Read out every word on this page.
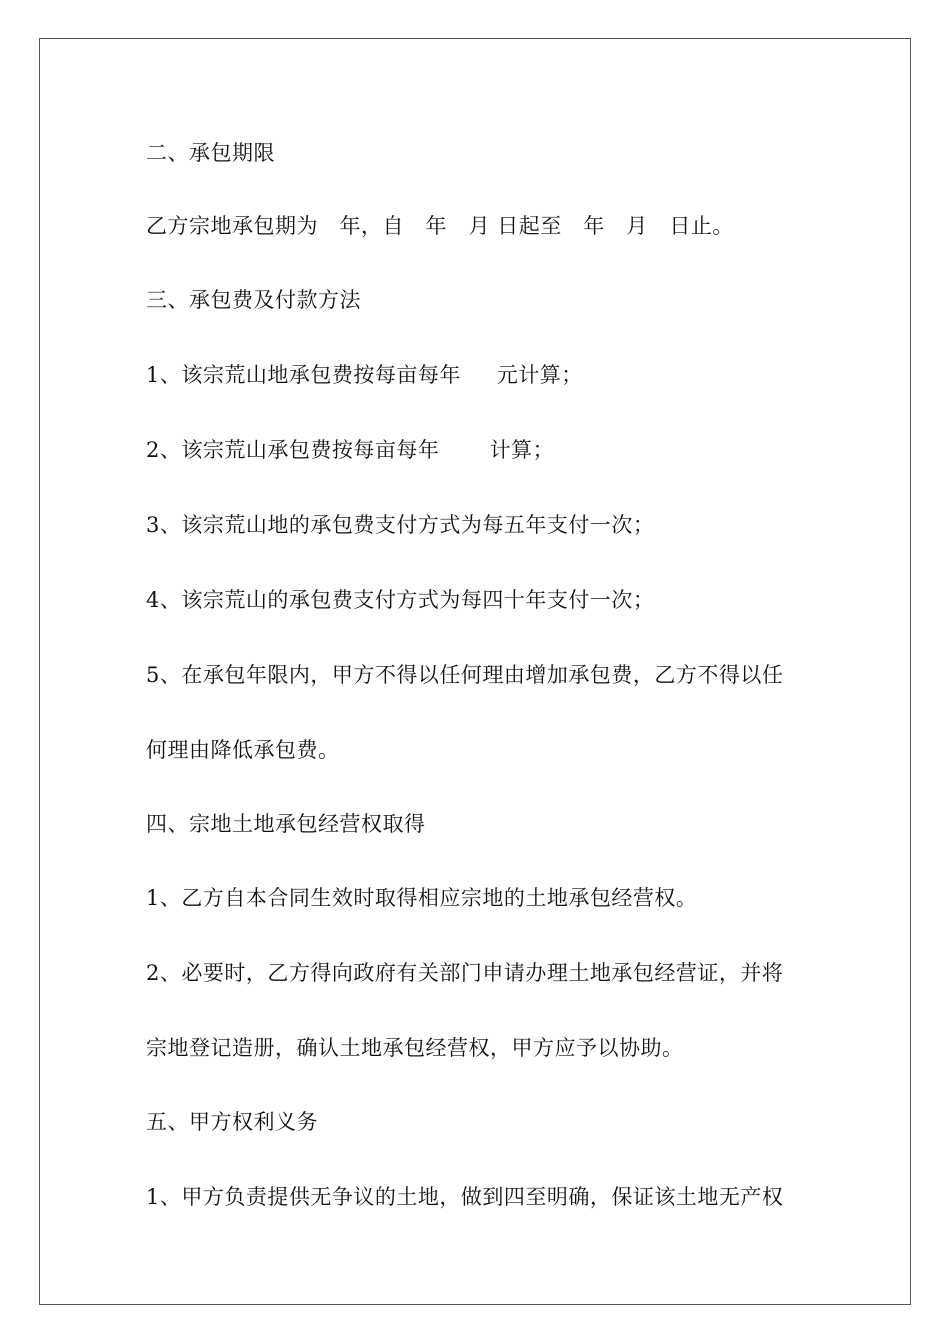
二、承包期限
乙方宗地承包期为   年，自   年   月 日起至   年   月   日止。
三、承包费及付款方法
1、该宗荒山地承包费按每亩每年     元计算；
2、该宗荒山承包费按每亩每年       计算；
3、该宗荒山地的承包费支付方式为每五年支付一次；
4、该宗荒山的承包费支付方式为每四十年支付一次；
5、在承包年限内，甲方不得以任何理由增加承包费，乙方不得以任
何理由降低承包费。
四、宗地土地承包经营权取得
1、乙方自本合同生效时取得相应宗地的土地承包经营权。
2、必要时，乙方得向政府有关部门申请办理土地承包经营证，并将
宗地登记造册，确认土地承包经营权，甲方应予以协助。
五、甲方权利义务
1、甲方负责提供无争议的土地，做到四至明确，保证该土地无产权
